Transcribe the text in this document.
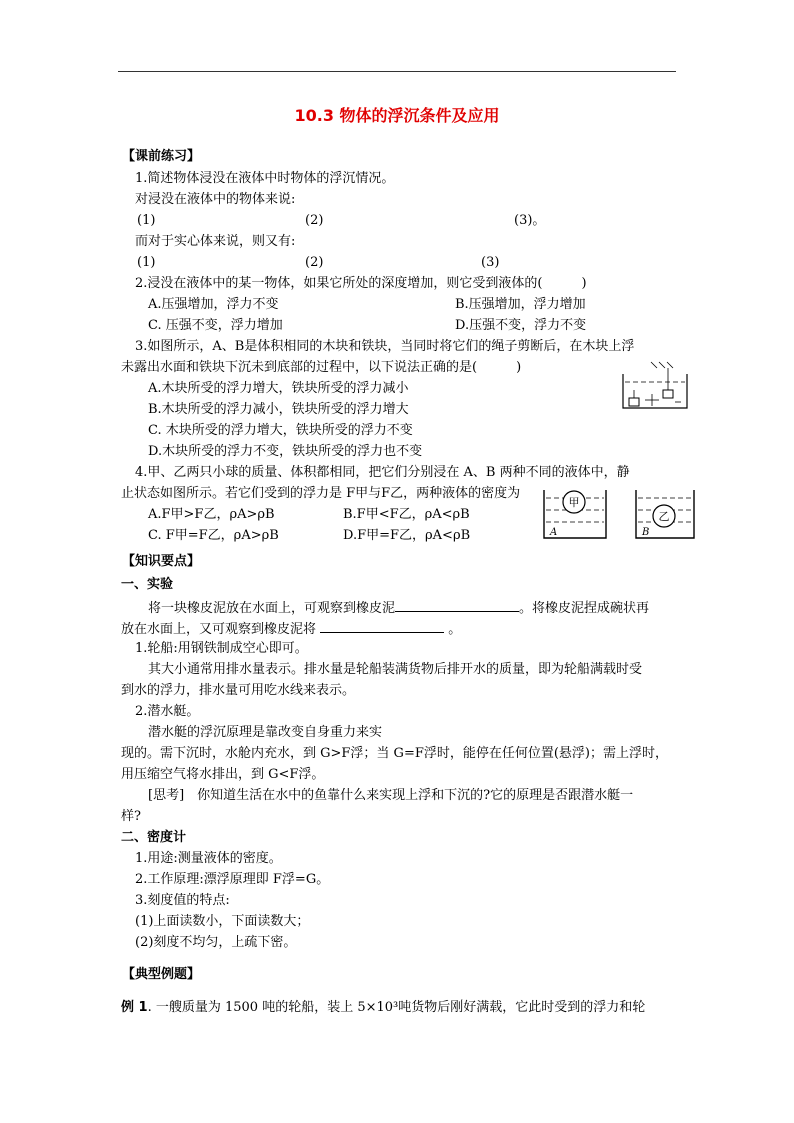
10.3 物体的浮沉条件及应用
【课前练习】
1.简述物体浸没在液体中时物体的浮沉情况。
对浸没在液体中的物体来说:
(1)	(2)	(3)。
而对于实心体来说，则又有:
(1)	(2)	(3)
2.浸没在液体中的某一物体，如果它所处的深度增加，则它受到液体的(　　　)
A.压强增加，浮力不变	B.压强增加，浮力增加
C. 压强不变，浮力增加	D.压强不变，浮力不变
3.如图所示，A、B是体积相同的木块和铁块，当同时将它们的绳子剪断后，在木块上浮
未露出水面和铁块下沉未到底部的过程中，以下说法正确的是(　　　)
A.木块所受的浮力增大，铁块所受的浮力减小
B.木块所受的浮力减小，铁块所受的浮力增大
C. 木块所受的浮力增大，铁块所受的浮力不变
D.木块所受的浮力不变，铁块所受的浮力也不变
4.甲、乙两只小球的质量、体积都相同，把它们分别浸在 A、B 两种不同的液体中，静
止状态如图所示。若它们受到的浮力是 F甲与F乙，两种液体的密度为
A.F甲>F乙，ρA>ρB	B.F甲<F乙，ρA<ρB
C. F甲=F乙，ρA>ρB	D.F甲=F乙，ρA<ρB
甲
乙
A	B
【知识要点】
一、实验
将一块橡皮泥放在水面上，可观察到橡皮泥	。将橡皮泥捏成碗状再
放在水面上，又可观察到橡皮泥将	。
1.轮船:用钢铁制成空心即可。
其大小通常用排水量表示。排水量是轮船装满货物后排开水的质量，即为轮船满载时受
到水的浮力，排水量可用吃水线来表示。
2.潜水艇。
潜水艇的浮沉原理是靠改变自身重力来实
现的。需下沉时，水舱内充水，到 G>F浮；当 G=F浮时，能停在任何位置(悬浮)；需上浮时，
用压缩空气将水排出，到 G<F浮。
[思考]　你知道生活在水中的鱼靠什么来实现上浮和下沉的?它的原理是否跟潜水艇一
样?
二、密度计
1.用途:测量液体的密度。
2.工作原理:漂浮原理即 F浮=G。
3.刻度值的特点:
(1)上面读数小，下面读数大；
(2)刻度不均匀，上疏下密。
【典型例题】
例 1. 一艘质量为 1500 吨的轮船，装上 5×10³吨货物后刚好满载，它此时受到的浮力和轮
